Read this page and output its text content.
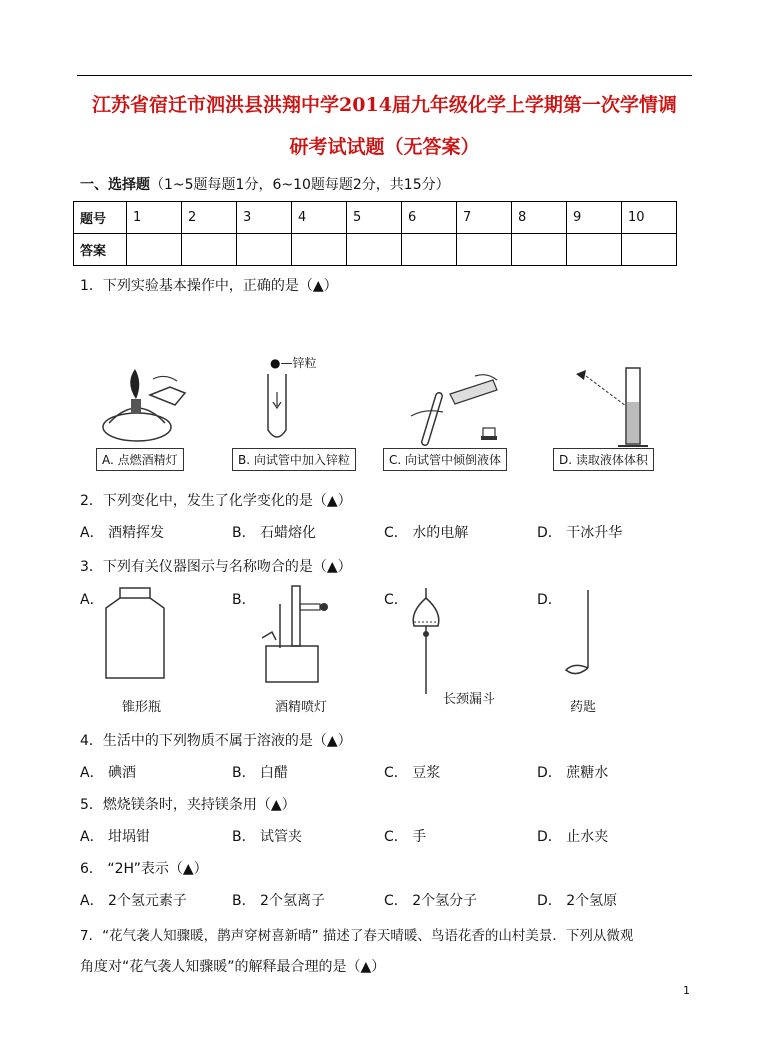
江苏省宿迁市泗洪县洪翔中学2014届九年级化学上学期第一次学情调
研考试试题（无答案）
一、选择题（1~5题每题1分，6~10题每题2分，共15分）
题号	1	2	3	4	5	6	7	8	9	10
答案										
1．下列实验基本操作中，正确的是（▲）
A. 点燃酒精灯
●—锌粒
B. 向试管中加入锌粒	C. 向试管中倾倒液体	D. 读取液体体积
2．下列变化中，发生了化学变化的是（▲）
A． 酒精挥发	B． 石蜡熔化	C． 水的电解	D． 干冰升华
3．下列有关仪器图示与名称吻合的是（▲）
A．	B．	C．	D．
锥形瓶	酒精喷灯
长颈漏斗
药匙
4．生活中的下列物质不属于溶液的是（▲）
A． 碘酒	B． 白醋	C． 豆浆	D． 蔗糖水
5．燃烧镁条时，夹持镁条用（▲）
A． 坩埚钳	B． 试管夹	C． 手	D． 止水夹
6． “2H”表示（▲）
A． 2个氢元素子	B． 2个氢离子	C． 2个氢分子	D． 2个氢原
7．“花气袭人知骤暖，鹊声穿树喜新晴” 描述了春天晴暖、鸟语花香的山村美景．下列从微观
角度对“花气袭人知骤暖”的解释最合理的是（▲）
1
